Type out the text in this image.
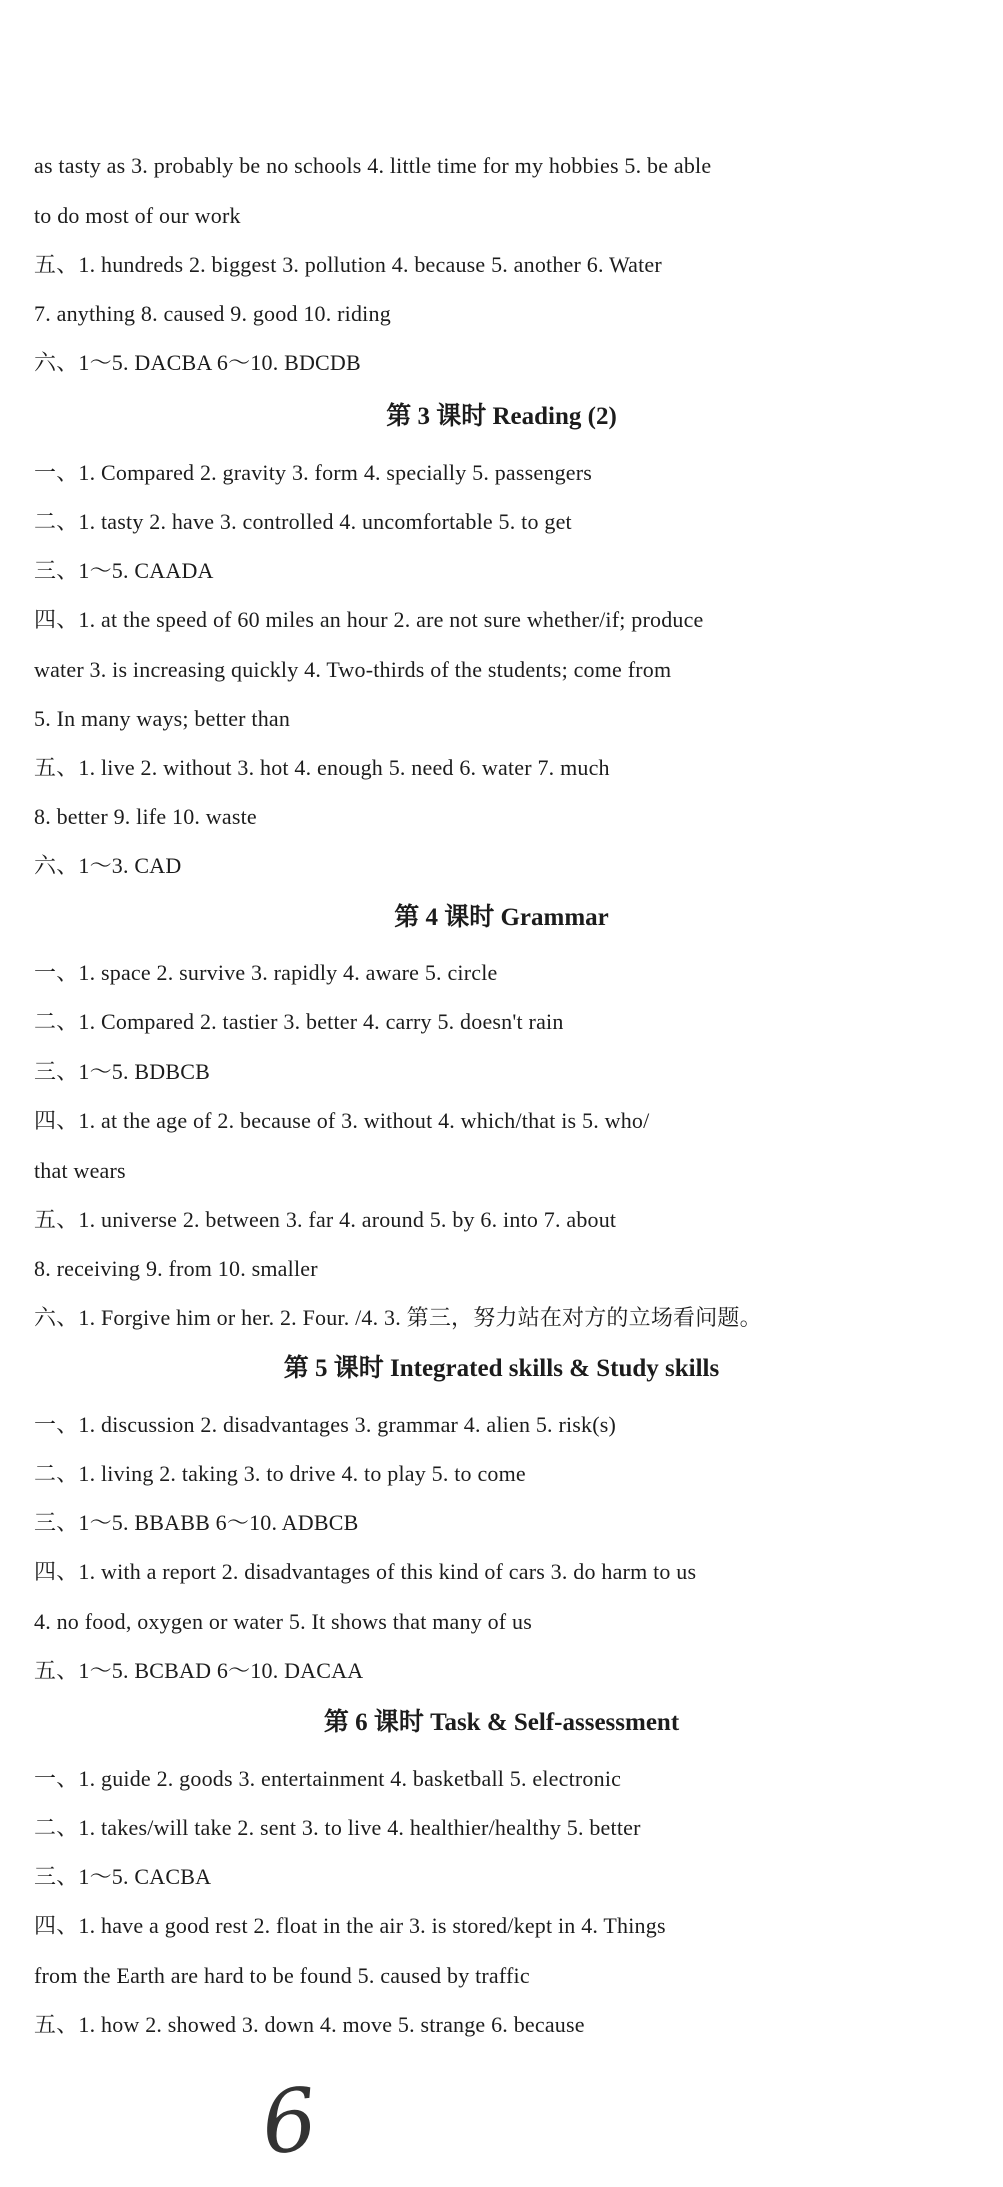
as tasty as 3. probably be no schools 4. little time for my hobbies 5. be able
to do most of our work
五、1. hundreds 2. biggest 3. pollution 4. because 5. another 6. Water
7. anything 8. caused 9. good 10. riding
六、1～5. DACBA 6～10. BDCDB
第 3 课时 Reading (2)
一、1. Compared 2. gravity 3. form 4. specially 5. passengers
二、1. tasty 2. have 3. controlled 4. uncomfortable 5. to get
三、1～5. CAADA
四、1. at the speed of 60 miles an hour 2. are not sure whether/if; produce
water 3. is increasing quickly 4. Two-thirds of the students; come from
5. In many ways; better than
五、1. live 2. without 3. hot 4. enough 5. need 6. water 7. much
8. better 9. life 10. waste
六、1～3. CAD
第 4 课时 Grammar
一、1. space 2. survive 3. rapidly 4. aware 5. circle
二、1. Compared 2. tastier 3. better 4. carry 5. doesn't rain
三、1～5. BDBCB
四、1. at the age of 2. because of 3. without 4. which/that is 5. who/
that wears
五、1. universe 2. between 3. far 4. around 5. by 6. into 7. about
8. receiving 9. from 10. smaller
六、1. Forgive him or her. 2. Four. /4. 3. 第三，努力站在对方的立场看问题。
第 5 课时 Integrated skills & Study skills
一、1. discussion 2. disadvantages 3. grammar 4. alien 5. risk(s)
二、1. living 2. taking 3. to drive 4. to play 5. to come
三、1～5. BBABB 6～10. ADBCB
四、1. with a report 2. disadvantages of this kind of cars 3. do harm to us
4. no food, oxygen or water 5. It shows that many of us
五、1～5. BCBAD 6～10. DACAA
第 6 课时 Task & Self-assessment
一、1. guide 2. goods 3. entertainment 4. basketball 5. electronic
二、1. takes/will take 2. sent 3. to live 4. healthier/healthy 5. better
三、1～5. CACBA
四、1. have a good rest 2. float in the air 3. is stored/kept in 4. Things
from the Earth are hard to be found 5. caused by traffic
五、1. how 2. showed 3. down 4. move 5. strange 6. because
6
